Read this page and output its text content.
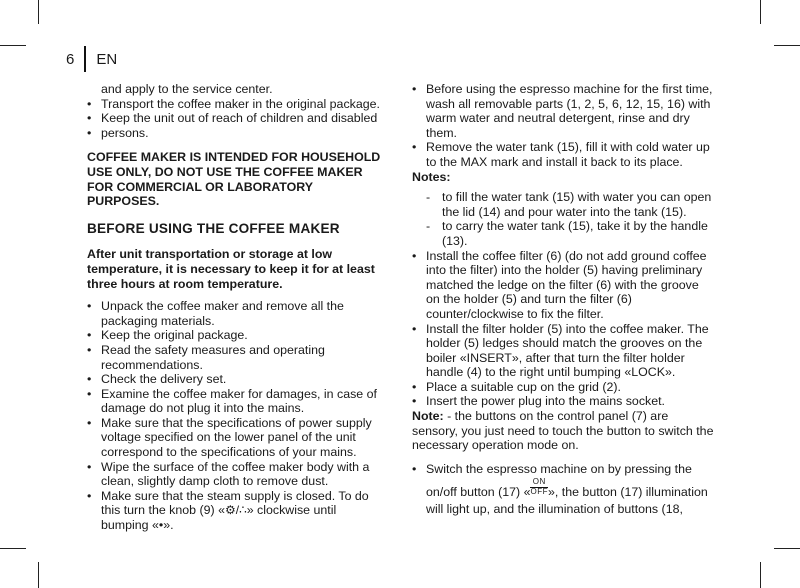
6 EN

and apply to the service center.

• Transport the coffee maker in the original package.
• Keep the unit out of reach of children and disabled
• persons.

COFFEE MAKER IS INTENDED FOR HOUSEHOLD USE ONLY, DO NOT USE THE COFFEE MAKER FOR COMMERCIAL OR LABORATORY PURPOSES.

BEFORE USING THE COFFEE MAKER

After unit transportation or storage at low temperature, it is necessary to keep it for at least three hours at room temperature.

• Unpack the coffee maker and remove all the packaging materials.
• Keep the original package.
• Read the safety measures and operating recommendations.
• Check the delivery set.
• Examine the coffee maker for damages, in case of damage do not plug it into the mains.
• Make sure that the specifications of power supply voltage specified on the lower panel of the unit correspond to the specifications of your mains.
• Wipe the surface of the coffee maker body with a clean, slightly damp cloth to remove dust.
• Make sure that the steam supply is closed. To do this turn the knob (9) «⚙/∴» clockwise until bumping «•».
• Before using the espresso machine for the first time, wash all removable parts (1, 2, 5, 6, 12, 15, 16) with warm water and neutral detergent, rinse and dry them.
• Remove the water tank (15), fill it with cold water up to the MAX mark and install it back to its place.

Notes:

- to fill the water tank (15) with water you can open the lid (14) and pour water into the tank (15).
- to carry the water tank (15), take it by the handle (13).
• Install the coffee filter (6) (do not add ground coffee into the filter) into the holder (5) having preliminary matched the ledge on the filter (6) with the groove on the holder (5) and turn the filter (6) counter/clockwise to fix the filter.
• Install the filter holder (5) into the coffee maker. The holder (5) ledges should match the grooves on the boiler «INSERT», after that turn the filter holder handle (4) to the right until bumping «LOCK».
• Place a suitable cup on the grid (2).
• Insert the power plug into the mains socket.

Note: - the buttons on the control panel (7) are sensory, you just need to touch the button to switch the necessary operation mode on.

• Switch the espresso machine on by pressing the on/off button (17) «ON
OFF », the button (17) illumination will light up, and the illumination of buttons (18,
